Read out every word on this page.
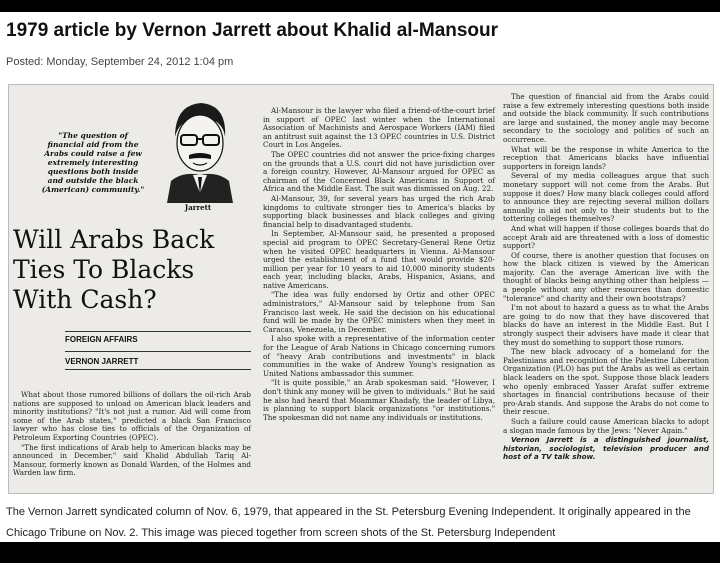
1979 article by Vernon Jarrett about Khalid al-Mansour
Posted: Monday, September 24, 2012 1:04 pm
"The question of financial aid from the Arabs could raise a few extremely interesting questions both inside and outside the black (American) community."
Jarrett
Will Arabs Back Ties To Blacks With Cash?
FOREIGN AFFAIRS
VERNON JARRETT

What about those rumored billions of dollars the oil-rich Arab nations are supposed to unload on American black leaders and minority institutions? "It's not just a rumor. Aid will come from some of the Arab states," predicted a black San Francisco lawyer who has close ties to officials of the Organization of Petroleum Exporting Countries (OPEC).

"The first indications of Arab help to American blacks may be announced in December," said Khalid Abdullah Tariq Al-Mansour, formerly known as Donald Warden, of the Holmes and Warden law firm.

Al-Mansour is the lawyer who filed a friend-of-the-court brief in support of OPEC last winter when the International Association of Machinists and Aerospace Workers (IAM) filed an antitrust suit against the 13 OPEC countries in U.S. District Court in Los Angeles.

The OPEC countries did not answer the price-fixing charges on the grounds that a U.S. court did not have jurisdiction over a foreign country. However, Al-Mansour argued for OPEC as chairman of the Concerned Black Americans in Support of Africa and the Middle East. The suit was dismissed on Aug. 22.

Al-Mansour, 39, for several years has urged the rich Arab kingdoms to cultivate stronger ties to America's blacks by supporting black businesses and black colleges and giving financial help to disadvantaged students.

In September, Al-Mansour said, he presented a proposed special aid program to OPEC Secretary-General Rene Ortiz when he visited OPEC headquarters in Vienna. Al-Mansour urged the establishment of a fund that would provide $20-million per year for 10 years to aid 10,000 minority students each year, including blacks, Arabs, Hispanics, Asians, and native Americans.

"The idea was fully endorsed by Ortiz and other OPEC administrators," Al-Mansour said by telephone from San Francisco last week. He said the decision on his educational fund will be made by the OPEC ministers when they meet in Caracas, Venezuela, in December.

I also spoke with a representative of the information center for the League of Arab Nations in Chicago concerning rumors of "heavy Arab contributions and investments" in black communities in the wake of Andrew Young's resignation as United Nations ambassador this summer.

"It is quite possible," an Arab spokesman said. "However, I don't think any money will be given to individuals." But he said he also had heard that Moammar Khadafy, the leader of Libya, is planning to support black organizations "or institutions." The spokesman did not name any individuals or institutions.

The question of financial aid from the Arabs could raise a few extremely interesting questions both inside and outside the black community. If such contributions are large and sustained, the money angle may become secondary to the sociology and politics of such an occurrence.

What will be the response in white America to the reception that Americans blacks have influential supporters in foreign lands?

Several of my media colleagues argue that such monetary support will not come from the Arabs. But suppose it does? How many black colleges could afford to announce they are rejecting several million dollars annually in aid not only to their students but to the tottering colleges themselves?

And what will happen if those colleges boards that do accept Arab aid are threatened with a loss of domestic support?

Of course, there is another question that focuses on how the black citizen is viewed by the American majority. Can the average American live with the thought of blacks being anything other than helpless — a people without any other resources than domestic "tolerance" and charity and their own bootstraps?

I'm not about to hazard a guess as to what the Arabs are going to do now that they have discovered that blacks do have an interest in the Middle East. But I strongly suspect their advisers have made it clear that they must do something to support those rumors.

The new black advocacy of a homeland for the Palestinians and recognition of the Palestine Liberation Organization (PLO) has put the Arabs as well as certain black leaders on the spot. Suppose those black leaders who openly embraced Yasser Arafat suffer extreme shortages in financial contributions because of their pro-Arab stands. And suppose the Arabs do not come to their rescue.

Such a failure could cause American blacks to adopt a slogan made famous by the Jews: "Never Again."

Vernon Jarrett is a distinguished journalist, historian, sociologist, television producer and host of a TV talk show.

The Vernon Jarrett syndicated column of Nov. 6, 1979, that appeared in the St. Petersburg Evening Independent. It originally appeared in the Chicago Tribune on Nov. 2. This image was pieced together from screen shots of the St. Petersburg Independent
